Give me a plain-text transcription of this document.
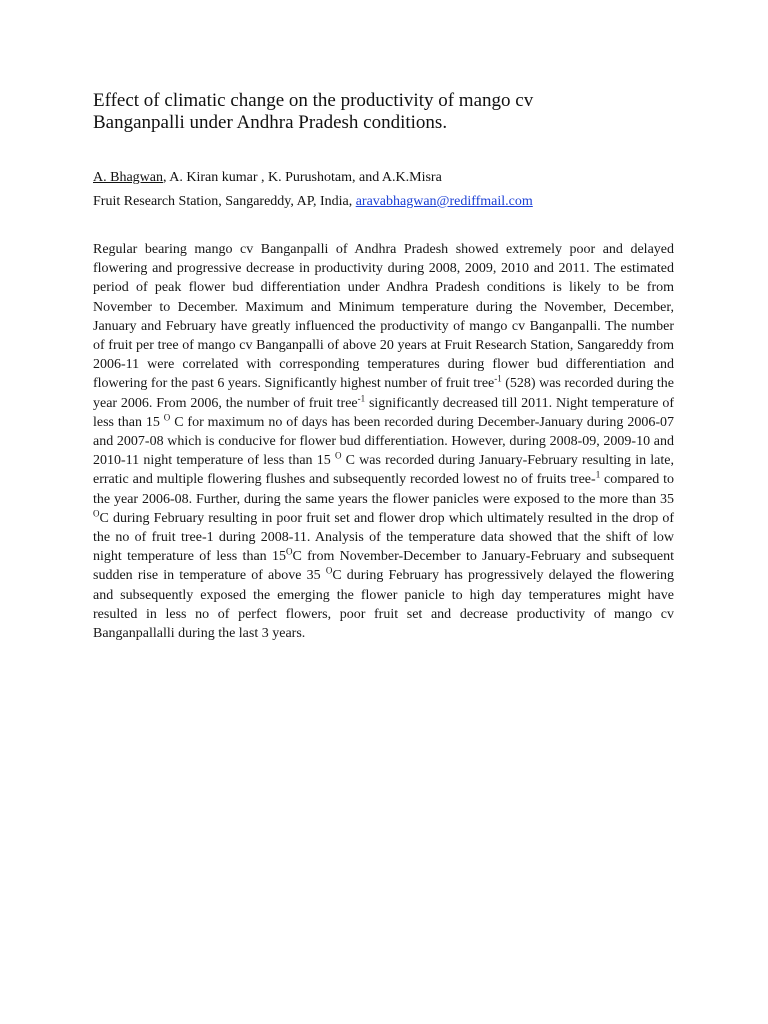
Effect of climatic change on the productivity of mango cv
Banganpalli under Andhra Pradesh conditions.

A. Bhagwan, A. Kiran kumar , K. Purushotam, and A.K.Misra

Fruit Research Station, Sangareddy, AP, India, aravabhagwan@rediffmail.com

Regular bearing mango cv Banganpalli of Andhra Pradesh showed extremely poor and delayed flowering and progressive decrease in productivity during 2008, 2009, 2010 and 2011. The estimated period of peak flower bud differentiation under Andhra Pradesh conditions is likely to be from November to December. Maximum and Minimum temperature during the November, December, January and February have greatly influenced the productivity of mango cv Banganpalli. The number of fruit per tree of mango cv Banganpalli of above 20 years at Fruit Research Station, Sangareddy from 2006-11 were correlated with corresponding temperatures during flower bud differentiation and flowering for the past 6 years. Significantly highest number of fruit tree$^{-1}$ (528) was recorded during the year 2006. From 2006, the number of fruit tree$^{-1}$ significantly decreased till 2011. Night temperature of less than 15 $^O$ C for maximum no of days has been recorded during December-January during 2006-07 and 2007-08 which is conducive for flower bud differentiation. However, during 2008-09, 2009-10 and 2010-11 night temperature of less than 15 $^O$ C was recorded during January-February resulting in late, erratic and multiple flowering flushes and subsequently recorded lowest no of fruits tree-$^1$ compared to the year 2006-08. Further, during the same years the flower panicles were exposed to the more than 35 $^O$C during February resulting in poor fruit set and flower drop which ultimately resulted in the drop of the no of fruit tree-1 during 2008-11. Analysis of the temperature data showed that the shift of low night temperature of less than $15^OC$ from November-December to January-February and subsequent sudden rise in temperature of above 35 $^O$C during February has progressively delayed the flowering and subsequently exposed the emerging the flower panicle to high day temperatures might have resulted in less no of perfect flowers, poor fruit set and decrease productivity of mango cv Banganpallalli during the last 3 years.
